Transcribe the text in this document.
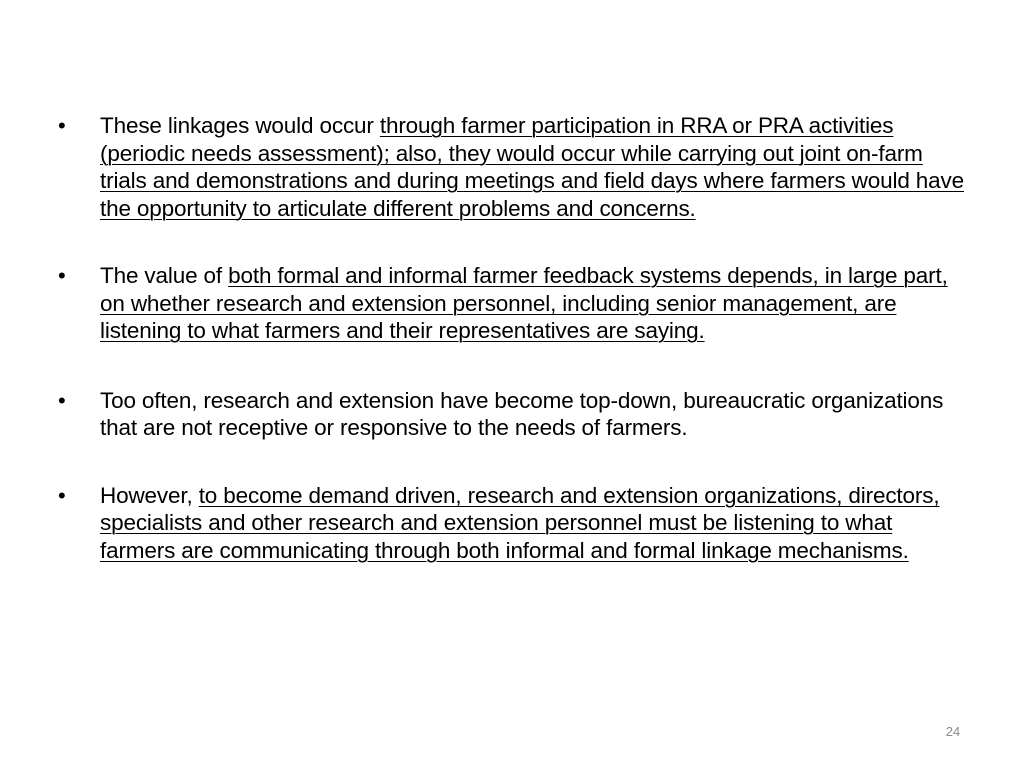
• These linkages would occur through farmer participation in RRA or PRA activities (periodic needs assessment); also, they would occur while carrying out joint on-farm trials and demonstrations and during meetings and field days where farmers would have the opportunity to articulate different problems and concerns.
• The value of both formal and informal farmer feedback systems depends, in large part, on whether research and extension personnel, including senior management, are listening to what farmers and their representatives are saying.
• Too often, research and extension have become top-down, bureaucratic organizations that are not receptive or responsive to the needs of farmers.
• However, to become demand driven, research and extension organizations, directors, specialists and other research and extension personnel must be listening to what farmers are communicating through both informal and formal linkage mechanisms.
24
